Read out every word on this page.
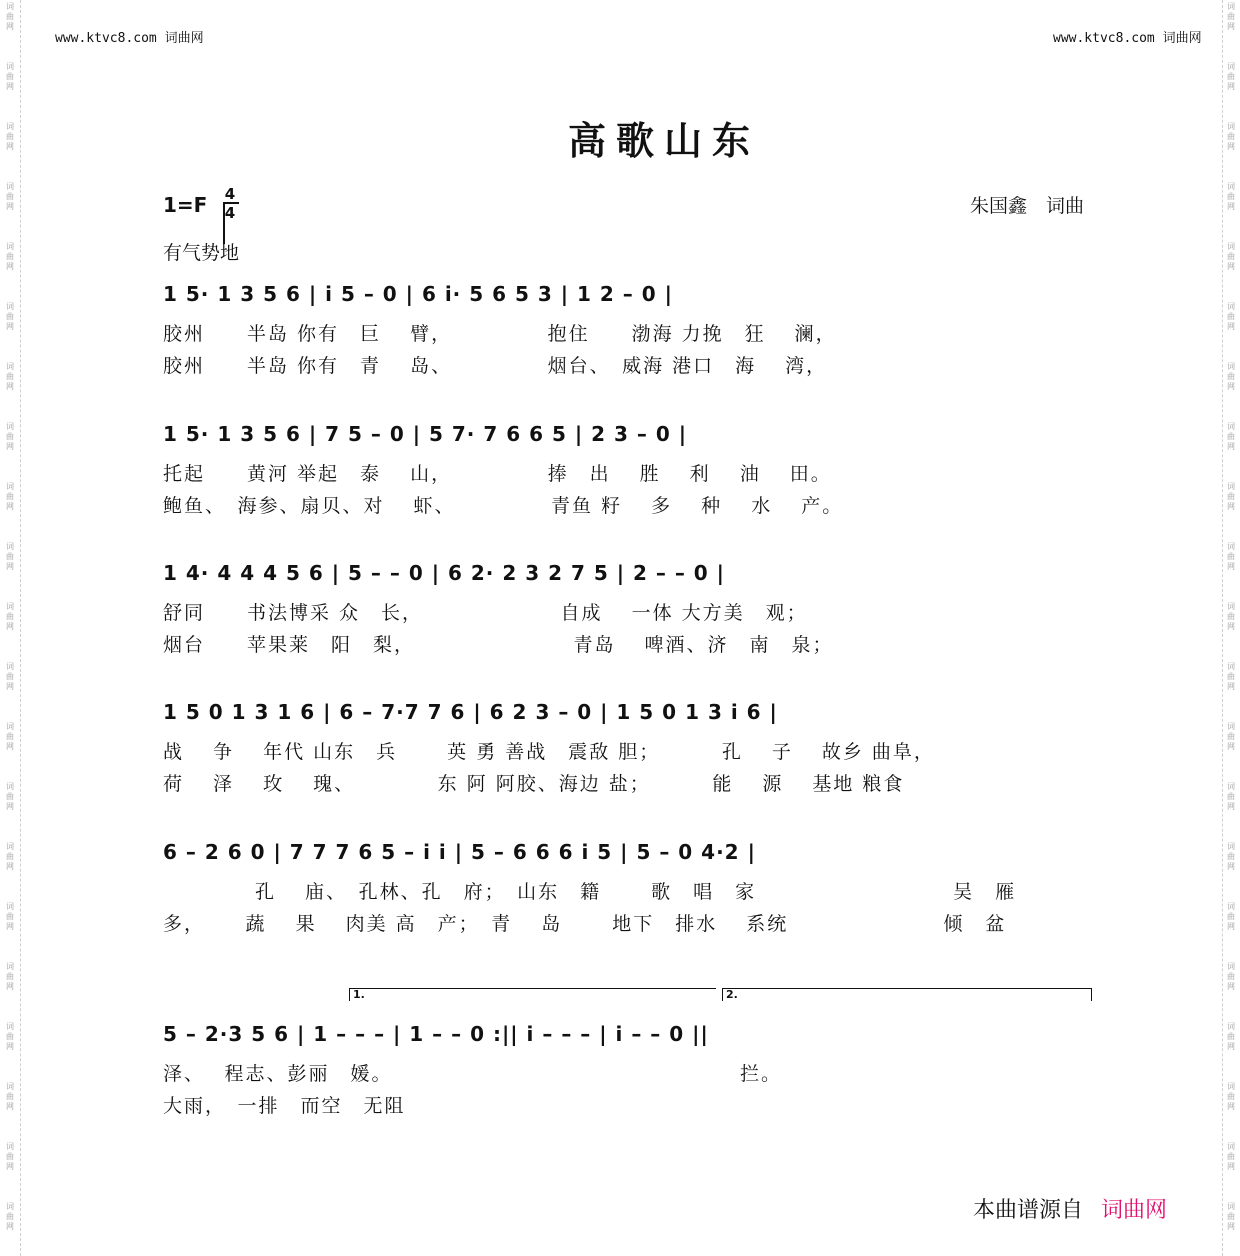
词
曲
网
词
曲
网
词
曲
网
词
曲
网
词
曲
网
词
曲
网
词
曲
网
词
曲
网
词
曲
网
词
曲
网
词
曲
网
词
曲
网
词
曲
网
词
曲
网
词
曲
网
词
曲
网
词
曲
网
词
曲
网
词
曲
网
词
曲
网
词
曲
网
词
曲
网
词
曲
网
词
曲
网
词
曲
网
词
曲
网
词
曲
网
词
曲
网
词
曲
网
词
曲
网
词
曲
网
词
曲
网
词
曲
网
词
曲
网
词
曲
网
词
曲
网
词
曲
网
词
曲
网
词
曲
网
词
曲
网
词
曲
网
词
曲
网
www.ktvc8.com 词曲网	www.ktvc8.com 词曲网
高歌山东
1=F 4
4	朱国鑫　词曲
有气势地
1 5· 1 3 5 6 | i 5 – 0 | 6 i· 5 6 5 3 | 1 2 – 0 |
胶州　　半岛 你有　巨　 臂，　　　　　抱住　　渤海 力挽　狂　 澜，
胶州　　半岛 你有　青　 岛、　　　　　烟台、　威海 港口　海　 湾，
1 5· 1 3 5 6 | 7 5 – 0 | 5 7· 7 6 6 5 | 2 3 – 0 |
托起　　黄河 举起　泰　 山，　　　　　捧　出　 胜　 利　 油　 田。
鲍鱼、　海参、扇贝、对　 虾、　　　　　青鱼 籽　 多　 种　 水　 产。
1 4· 4 4 4 5 6 | 5 – – 0 | 6 2· 2 3 2 7 5 | 2 – – 0 |
舒同　　书法博采 众　长，　　　　　　　自成　 一体 大方美　观；
烟台　　苹果莱　阳　梨，　　　　　　　　青岛　 啤酒、济　南　泉；
1 5 0 1 3 1 6 | 6 – 7·7 7 6 | 6 2 3 – 0 | 1 5 0 1 3 i 6 |
战　 争　 年代 山东　兵　　 英 勇 善战　震敌 胆；　　　 孔　 子　 故乡 曲阜，
荷　 泽　 玫　 瑰、　　　　 东 阿 阿胶、海边 盐；　　　 能　 源　 基地 粮食
6 – 2 6 0 | 7 7 7 6 5 – i i | 5 – 6 6 6 i 5 | 5 – 0 4·2 |
　　　　 孔　 庙、　孔林、孔　府；　山东　籍　　 歌　唱　家　　　　　　　　　 吴　雁
多，　　 蔬　 果　 肉美 高　产；　青　 岛　　 地下　排水　 系统　　　　　　　 倾　盆
1.	2.
5 – 2·3 5 6 | 1 – – – | 1 – – 0 :|| i – – – | i – – 0 ||
泽、　 程志、彭丽　媛。　　　　　　　　　　　　　　　　　拦。
大雨，　一排　而空　无阻
本曲谱源自 词曲网
